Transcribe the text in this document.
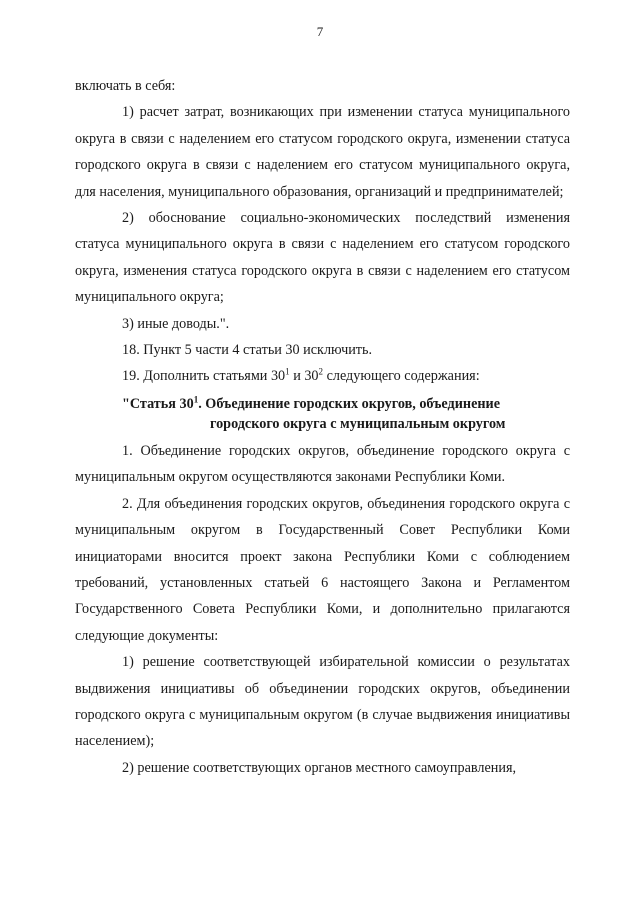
7

включать в себя:

1) расчет затрат, возникающих при изменении статуса муниципального округа в связи с наделением его статусом городского округа, изменении статуса городского округа в связи с наделением его статусом муниципального округа, для населения, муниципального образования, организаций и предпринимателей;

2) обоснование социально-экономических последствий изменения статуса муниципального округа в связи с наделением его статусом городского округа, изменения статуса городского округа в связи с наделением его статусом муниципального округа;

3) иные доводы.".

18. Пункт 5 части 4 статьи 30 исключить.

19. Дополнить статьями $30^1$ и $30^2$ следующего содержания:

"Статья $30^1$. Объединение городских округов, объединение
городского округа с муниципальным округом

1. Объединение городских округов, объединение городского округа с муниципальным округом осуществляются законами Республики Коми.

2. Для объединения городских округов, объединения городского округа с муниципальным округом в Государственный Совет Республики Коми инициаторами вносится проект закона Республики Коми с соблюдением требований, установленных статьей 6 настоящего Закона и Регламентом Государственного Совета Республики Коми, и дополнительно прилагаются следующие документы:

1) решение соответствующей избирательной комиссии о результатах выдвижения инициативы об объединении городских округов, объединении городского округа с муниципальным округом (в случае выдвижения инициативы населением);

2) решение соответствующих органов местного самоуправления,
